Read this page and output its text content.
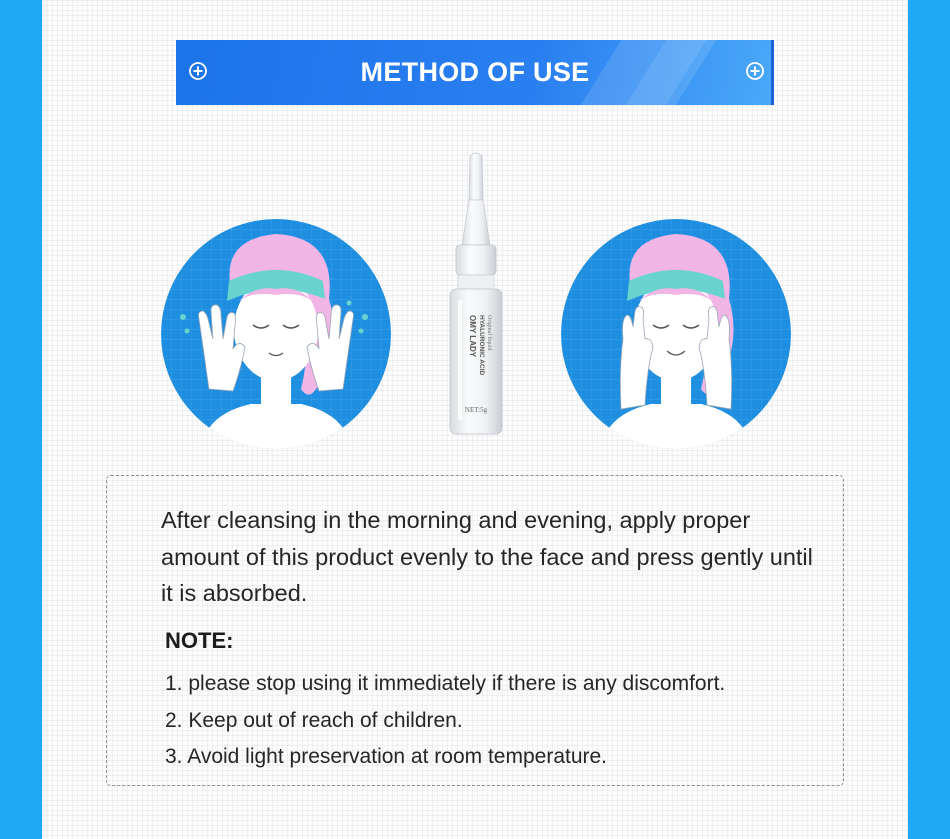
METHOD OF USE
OMY LADY HYALURONIC ACID Original liquid
NET:5g

After cleansing in the morning and evening, apply proper amount of this product evenly to the face and press gently until it is absorbed.

NOTE:

1. please stop using it immediately if there is any discomfort.
2. Keep out of reach of children.
3. Avoid light preservation at room temperature.
